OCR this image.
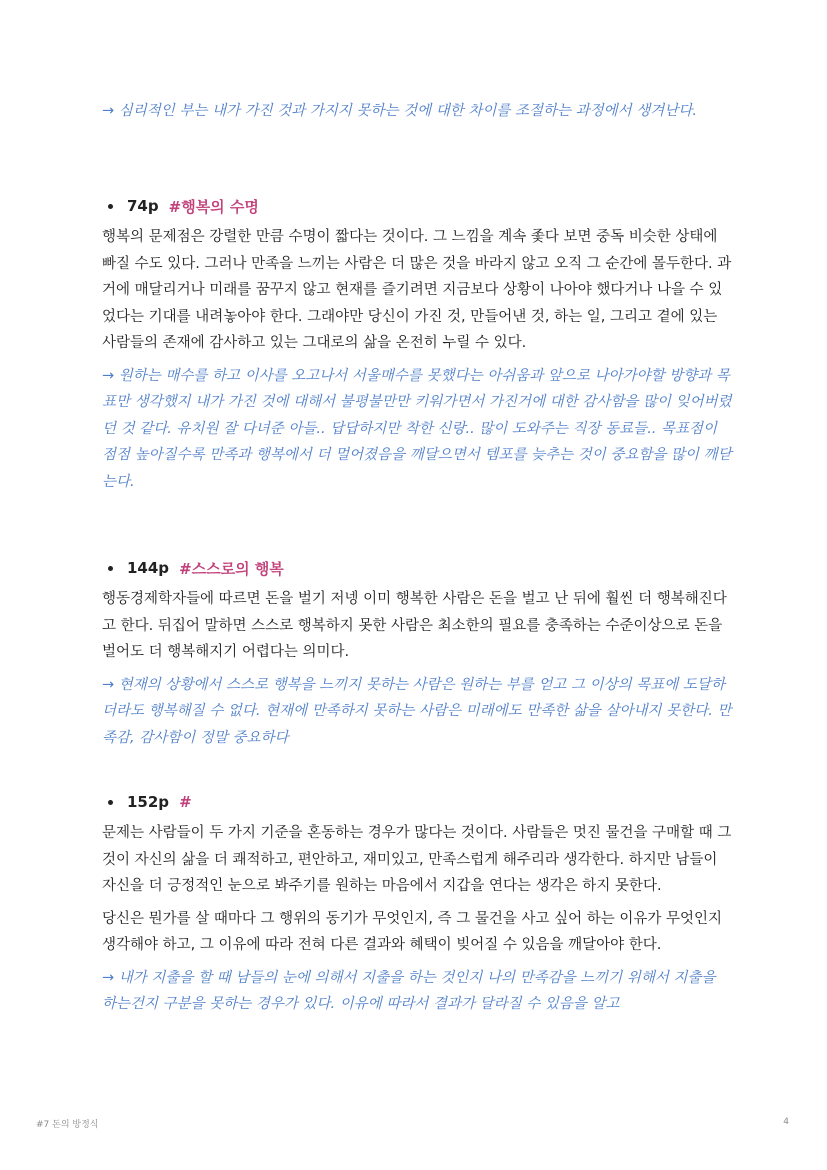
→ 심리적인 부는 내가 가진 것과 가지지 못하는 것에 대한 차이를 조절하는 과정에서 생겨난다.

74p #행복의 수명

행복의 문제점은 강렬한 만큼 수명이 짧다는 것이다. 그 느낌을 계속 좇다 보면 중독 비슷한 상태에 빠질 수도 있다. 그러나 만족을 느끼는 사람은 더 많은 것을 바라지 않고 오직 그 순간에 몰두한다. 과거에 매달리거나 미래를 꿈꾸지 않고 현재를 즐기려면 지금보다 상황이 나아야 했다거나 나을 수 있었다는 기대를 내려놓아야 한다. 그래야만 당신이 가진 것, 만들어낸 것, 하는 일, 그리고 곁에 있는 사람들의 존재에 감사하고 있는 그대로의 삶을 온전히 누릴 수 있다.

→ 원하는 매수를 하고 이사를 오고나서 서울매수를 못했다는 아쉬움과 앞으로 나아가야할 방향과 목표만 생각했지 내가 가진 것에 대해서 불평불만만 키워가면서 가진거에 대한 감사함을 많이 잊어버렸던 것 같다. 유치원 잘 다녀준 아들.. 답답하지만 착한 신랑.. 많이 도와주는 직장 동료들.. 목표점이 점점 높아질수록 만족과 행복에서 더 멀어졌음을 깨달으면서 템포를 늦추는 것이 중요함을 많이 깨닫는다.

144p #스스로의 행복

행동경제학자들에 따르면 돈을 벌기 저넹 이미 행복한 사람은 돈을 벌고 난 뒤에 훨씬 더 행복해진다고 한다. 뒤집어 말하면 스스로 행복하지 못한 사람은 최소한의 필요를 충족하는 수준이상으로 돈을 벌어도 더 행복해지기 어렵다는 의미다.

→ 현재의 상황에서 스스로 행복을 느끼지 못하는 사람은 원하는 부를 얻고 그 이상의 목표에 도달하더라도 행복해질 수 없다. 현재에 만족하지 못하는 사람은 미래에도 만족한 삶을 살아내지 못한다. 만족감, 감사함이 정말 중요하다

152p #

문제는 사람들이 두 가지 기준을 혼동하는 경우가 많다는 것이다. 사람들은 멋진 물건을 구매할 때 그것이 자신의 삶을 더 쾌적하고, 편안하고, 재미있고, 만족스럽게 해주리라 생각한다. 하지만 남들이 자신을 더 긍정적인 눈으로 봐주기를 원하는 마음에서 지갑을 연다는 생각은 하지 못한다.

당신은 뭔가를 살 때마다 그 행위의 동기가 무엇인지, 즉 그 물건을 사고 싶어 하는 이유가 무엇인지 생각해야 하고, 그 이유에 따라 전혀 다른 결과와 혜택이 빚어질 수 있음을 깨달아야 한다.

→ 내가 지출을 할 때 남들의 눈에 의해서 지출을 하는 것인지 나의 만족감을 느끼기 위해서 지출을 하는건지 구분을 못하는 경우가 있다. 이유에 따라서 결과가 달라질 수 있음을 알고

#7 돈의 방정식	4
